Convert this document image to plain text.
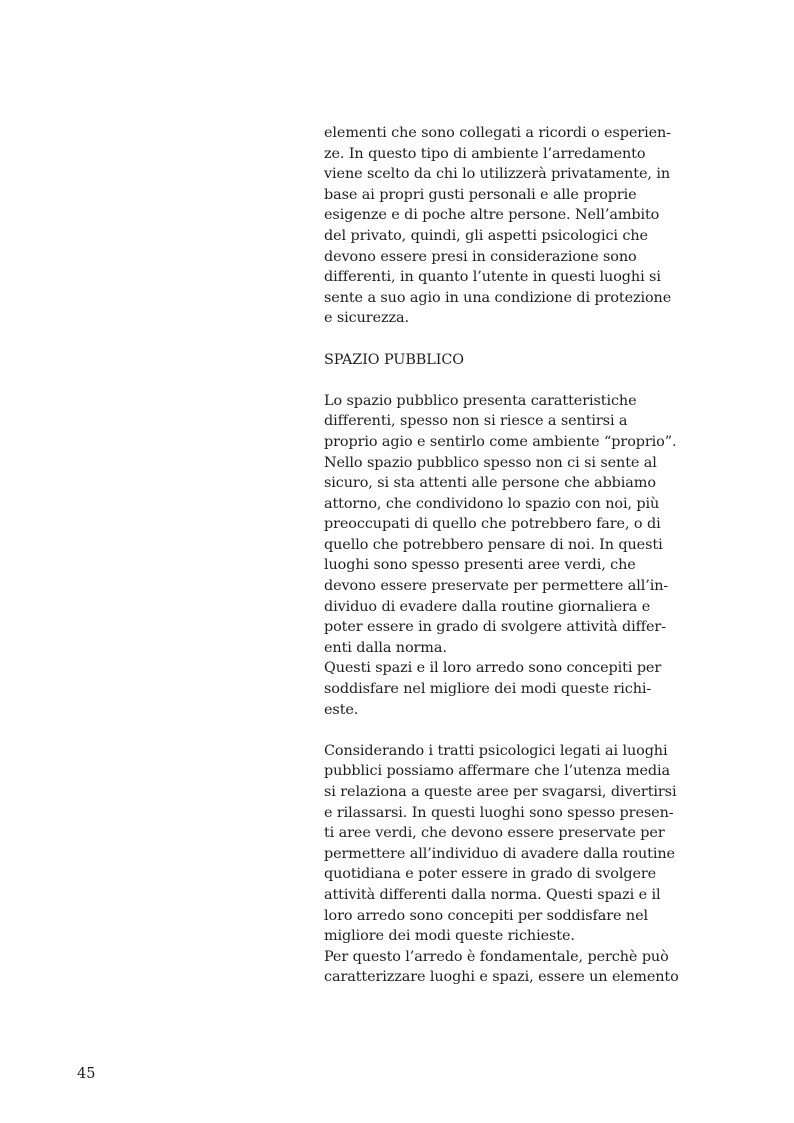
elementi che sono collegati a ricordi o esperien-
ze. In questo tipo di ambiente l’arredamento
viene scelto da chi lo utilizzerà privatamente, in
base ai propri gusti personali e alle proprie
esigenze e di poche altre persone. Nell’ambito
del privato, quindi, gli aspetti psicologici che
devono essere presi in considerazione sono
differenti, in quanto l’utente in questi luoghi si
sente a suo agio in una condizione di protezione
e sicurezza.
SPAZIO PUBBLICO
Lo spazio pubblico presenta caratteristiche
differenti, spesso non si riesce a sentirsi a
proprio agio e sentirlo come ambiente “proprio”.
Nello spazio pubblico spesso non ci si sente al
sicuro, si sta attenti alle persone che abbiamo
attorno, che condividono lo spazio con noi, più
preoccupati di quello che potrebbero fare, o di
quello che potrebbero pensare di noi. In questi
luoghi sono spesso presenti aree verdi, che
devono essere preservate per permettere all’in-
dividuo di evadere dalla routine giornaliera e
poter essere in grado di svolgere attività differ-
enti dalla norma.
Questi spazi e il loro arredo sono concepiti per
soddisfare nel migliore dei modi queste richi-
este.
Considerando i tratti psicologici legati ai luoghi
pubblici possiamo affermare che l’utenza media
si relaziona a queste aree per svagarsi, divertirsi
e rilassarsi. In questi luoghi sono spesso presen-
ti aree verdi, che devono essere preservate per
permettere all’individuo di avadere dalla routine
quotidiana e poter essere in grado di svolgere
attività differenti dalla norma. Questi spazi e il
loro arredo sono concepiti per soddisfare nel
migliore dei modi queste richieste.
Per questo l’arredo è fondamentale, perchè può
caratterizzare luoghi e spazi, essere un elemento
45
